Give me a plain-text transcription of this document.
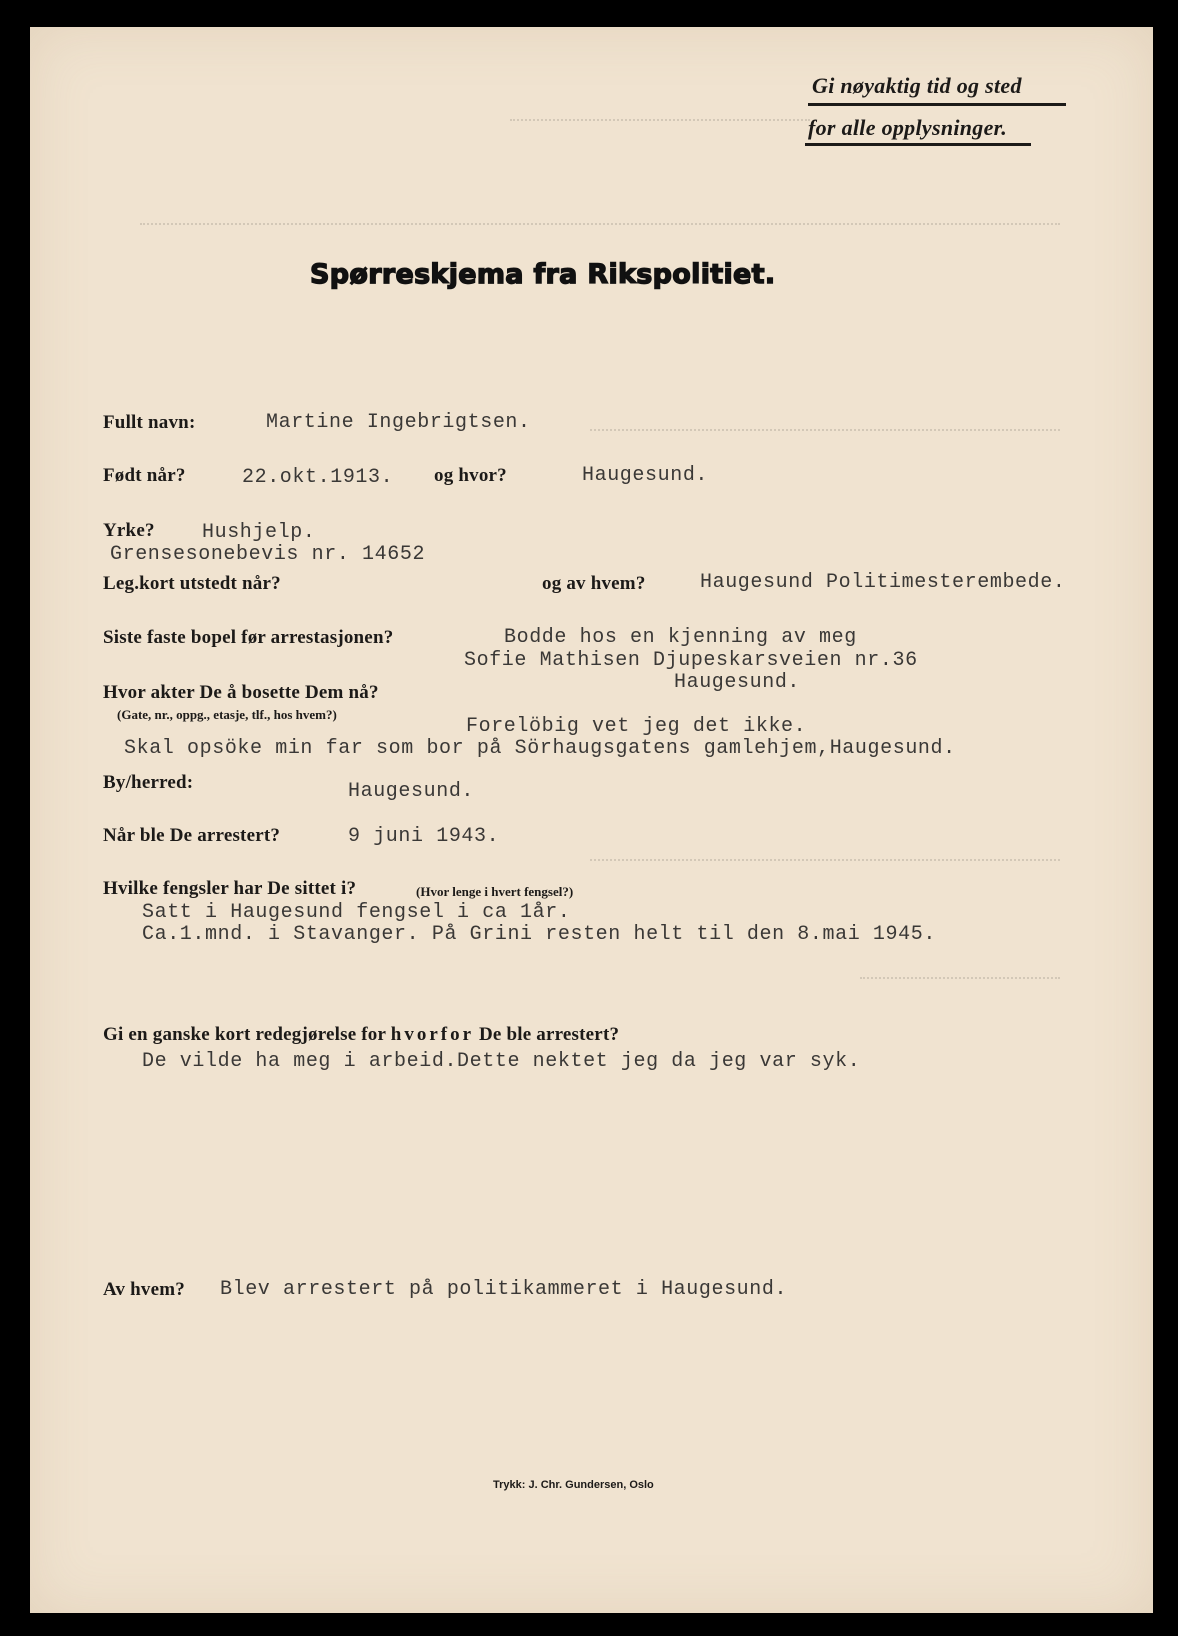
Gi nøyaktig tid og sted
for alle opplysninger.
Spørreskjema fra Rikspolitiet.
Fullt navn:	Martine Ingebrigtsen.
Født når?	22.okt.1913. og hvor?	Haugesund.
Yrke? Hushjelp.
Grensesonebevis nr. 14652
Leg.kort utstedt når?	og av hvem?	Haugesund Politimesterembede.
Siste faste bopel før arrestasjonen?	Bodde hos en kjenning av meg
Sofie Mathisen Djupeskarsveien nr.36
Haugesund.
Hvor akter De å bosette Dem nå?
(Gate, nr., oppg., etasje, tlf., hos hvem?)
Forelöbig vet jeg det ikke.
Skal opsöke min far som bor på Sörhaugsgatens gamlehjem,Haugesund.
By/herred:	Haugesund.
Når ble De arrestert?	9 juni 1943.
Hvilke fengsler har De sittet i?	(Hvor lenge i hvert fengsel?)
Satt i Haugesund fengsel i ca 1år.
Ca.1.mnd. i Stavanger. På Grini resten helt til den 8.mai 1945.
Gi en ganske kort redegjørelse for hvorfor De ble arrestert?
De vilde ha meg i arbeid.Dette nektet jeg da jeg var syk.
Av hvem? Blev arrestert på politikammeret i Haugesund.
Trykk: J. Chr. Gundersen, Oslo
